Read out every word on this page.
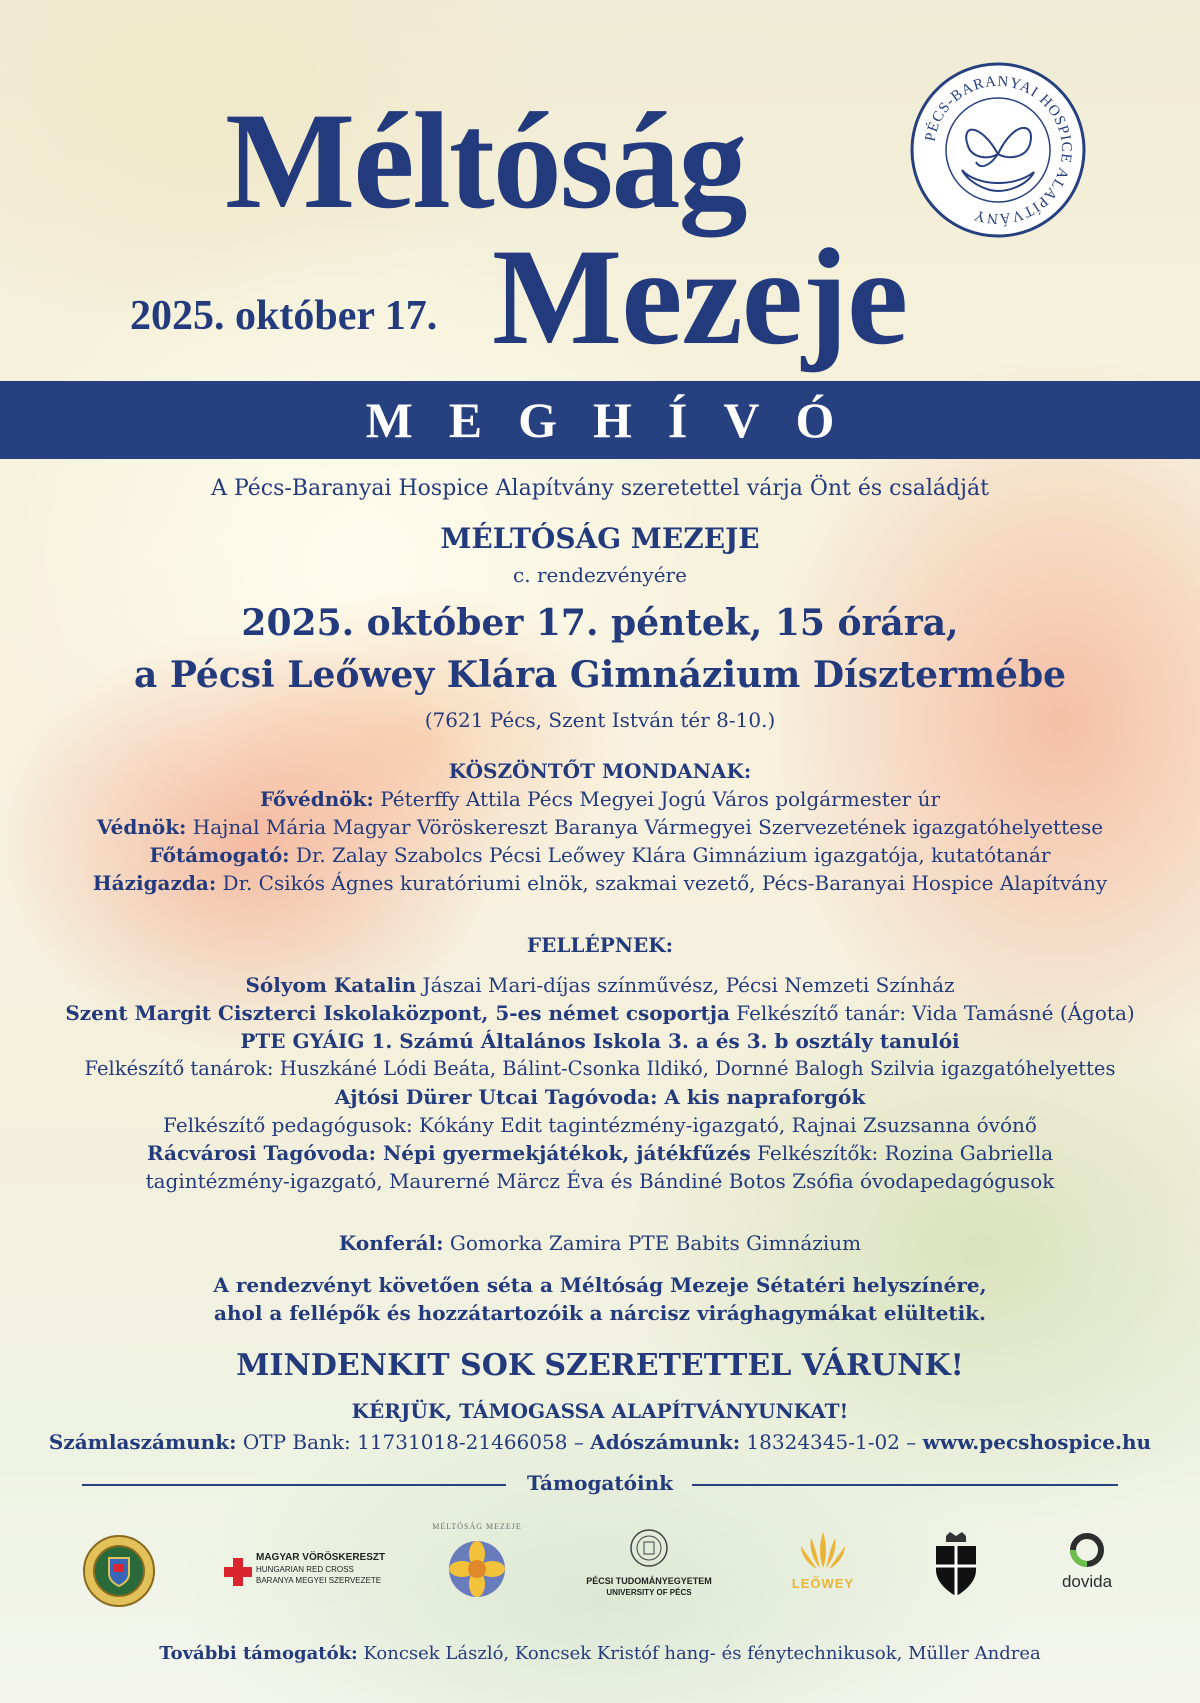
Méltóság
Mezeje
2025. október 17.
PÉCS-BARANYAI HOSPICE ALAPÍTVÁNY
MEGHÍVÓ
A Pécs-Baranyai Hospice Alapítvány szeretettel várja Önt és családját
MÉLTÓSÁG MEZEJE
c. rendezvényére
2025. október 17. péntek, 15 órára,
a Pécsi Leőwey Klára Gimnázium Dísztermébe
(7621 Pécs, Szent István tér 8-10.)
KÖSZÖNTŐT MONDANAK:
Fővédnök: Péterffy Attila Pécs Megyei Jogú Város polgármester úr
Védnök: Hajnal Mária Magyar Vöröskereszt Baranya Vármegyei Szervezetének igazgatóhelyettese
Főtámogató: Dr. Zalay Szabolcs Pécsi Leőwey Klára Gimnázium igazgatója, kutatótanár
Házigazda: Dr. Csikós Ágnes kuratóriumi elnök, szakmai vezető, Pécs-Baranyai Hospice Alapítvány
FELLÉPNEK:
Sólyom Katalin Jászai Mari-díjas színművész, Pécsi Nemzeti Színház
Szent Margit Ciszterci Iskolaközpont, 5-es német csoportja Felkészítő tanár: Vida Tamásné (Ágota)
PTE GYÁIG 1. Számú Általános Iskola 3. a és 3. b osztály tanulói
Felkészítő tanárok: Huszkáné Lódi Beáta, Bálint-Csonka Ildikó, Dornné Balogh Szilvia igazgatóhelyettes
Ajtósi Dürer Utcai Tagóvoda: A kis napraforgók
Felkészítő pedagógusok: Kókány Edit tagintézmény-igazgató, Rajnai Zsuzsanna óvónő
Rácvárosi Tagóvoda: Népi gyermekjátékok, játékfűzés Felkészítők: Rozina Gabriella
tagintézmény-igazgató, Maurerné Märcz Éva és Bándiné Botos Zsófia óvodapedagógusok
Konferál: Gomorka Zamira PTE Babits Gimnázium
A rendezvényt követően séta a Méltóság Mezeje Sétatéri helyszínére,
ahol a fellépők és hozzátartozóik a nárcisz virághagymákat elültetik.
MINDENKIT SOK SZERETETTEL VÁRUNK!
KÉRJÜK, TÁMOGASSA ALAPÍTVÁNYUNKAT!
Számlaszámunk: OTP Bank: 11731018-21466058 – Adószámunk: 18324345-1-02 – www.pecshospice.hu
Támogatóink
MAGYAR VÖRÖSKERESZT
HUNGARIAN RED CROSS
BARANYA MEGYEI SZERVEZETE
MÉLTÓSÁG MEZEJE
PÉCSI TUDOMÁNYEGYETEM
UNIVERSITY OF PÉCS
LEŐWEY	dovida
További támogatók: Koncsek László, Koncsek Kristóf hang- és fénytechnikusok, Müller Andrea
